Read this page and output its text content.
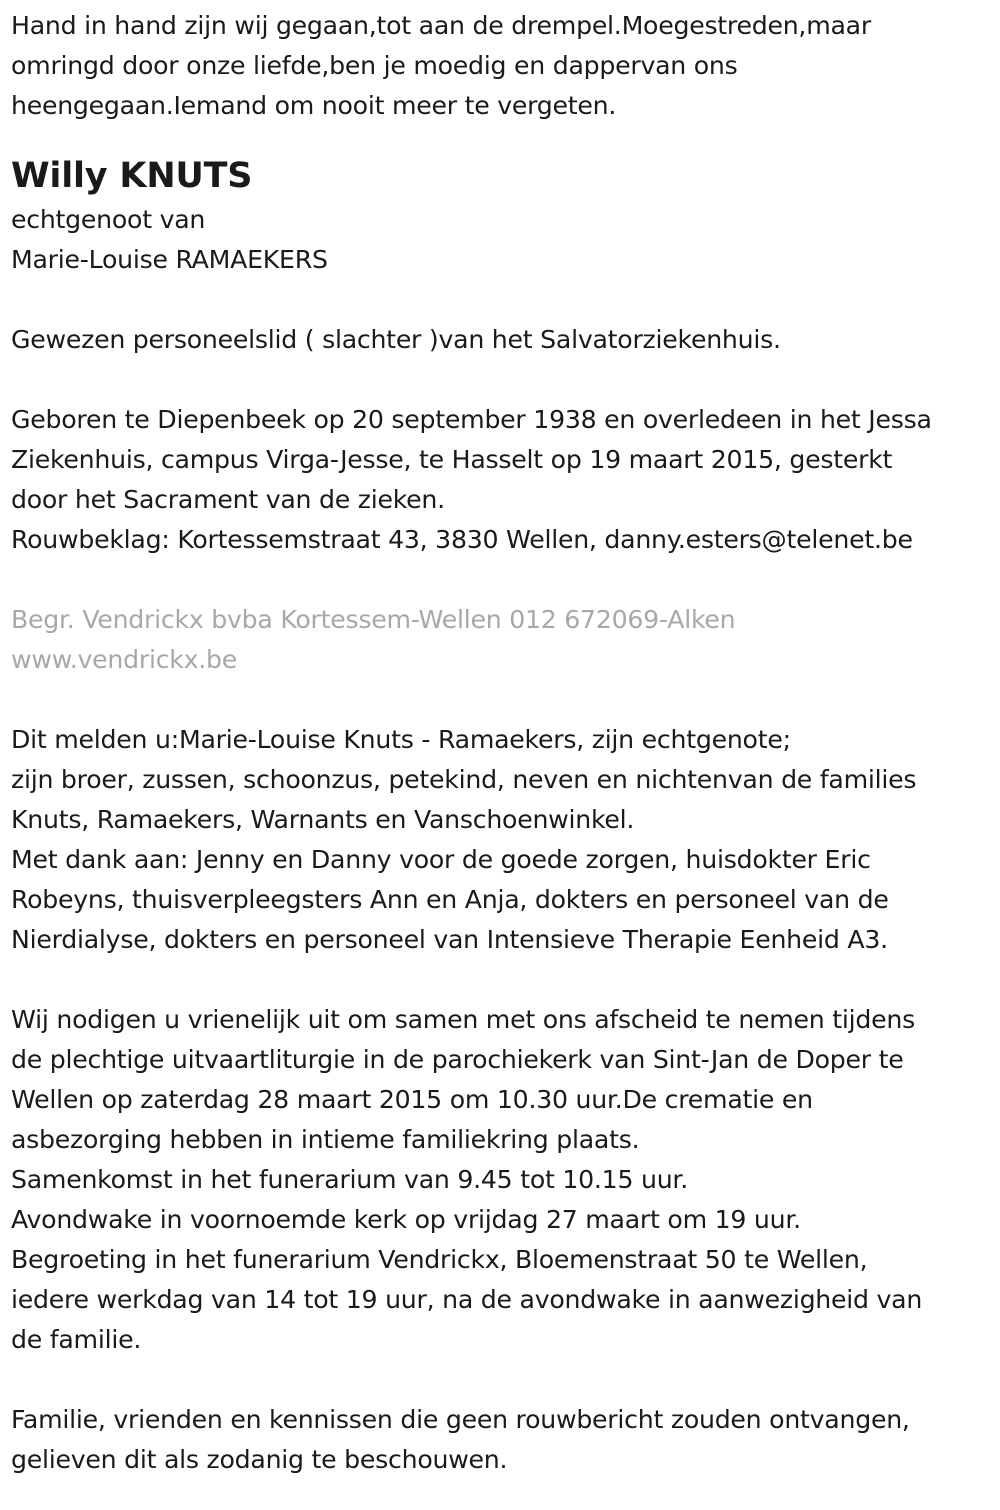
Hand in hand zijn wij gegaan,tot aan de drempel.Moegestreden,maar
omringd door onze liefde,ben je moedig en dappervan ons
heengegaan.Iemand om nooit meer te vergeten.
Willy KNUTS
echtgenoot van
Marie-Louise RAMAEKERS
Gewezen personeelslid ( slachter )van het Salvatorziekenhuis.
Geboren te Diepenbeek op 20 september 1938 en overledeen in het Jessa
Ziekenhuis, campus Virga-Jesse, te Hasselt op 19 maart 2015, gesterkt
door het Sacrament van de zieken.
Rouwbeklag: Kortessemstraat 43, 3830 Wellen, danny.esters@telenet.be
Begr. Vendrickx bvba Kortessem-Wellen 012 672069-Alken
www.vendrickx.be
Dit melden u:Marie-Louise Knuts - Ramaekers, zijn echtgenote;
zijn broer, zussen, schoonzus, petekind, neven en nichtenvan de families
Knuts, Ramaekers, Warnants en Vanschoenwinkel.
Met dank aan: Jenny en Danny voor de goede zorgen, huisdokter Eric
Robeyns, thuisverpleegsters Ann en Anja, dokters en personeel van de
Nierdialyse, dokters en personeel van Intensieve Therapie Eenheid A3.
Wij nodigen u vrienelijk uit om samen met ons afscheid te nemen tijdens
de plechtige uitvaartliturgie in de parochiekerk van Sint-Jan de Doper te
Wellen op zaterdag 28 maart 2015 om 10.30 uur.De crematie en
asbezorging hebben in intieme familiekring plaats.
Samenkomst in het funerarium van 9.45 tot 10.15 uur.
Avondwake in voornoemde kerk op vrijdag 27 maart om 19 uur.
Begroeting in het funerarium Vendrickx, Bloemenstraat 50 te Wellen,
iedere werkdag van 14 tot 19 uur, na de avondwake in aanwezigheid van
de familie.
Familie, vrienden en kennissen die geen rouwbericht zouden ontvangen,
gelieven dit als zodanig te beschouwen.
